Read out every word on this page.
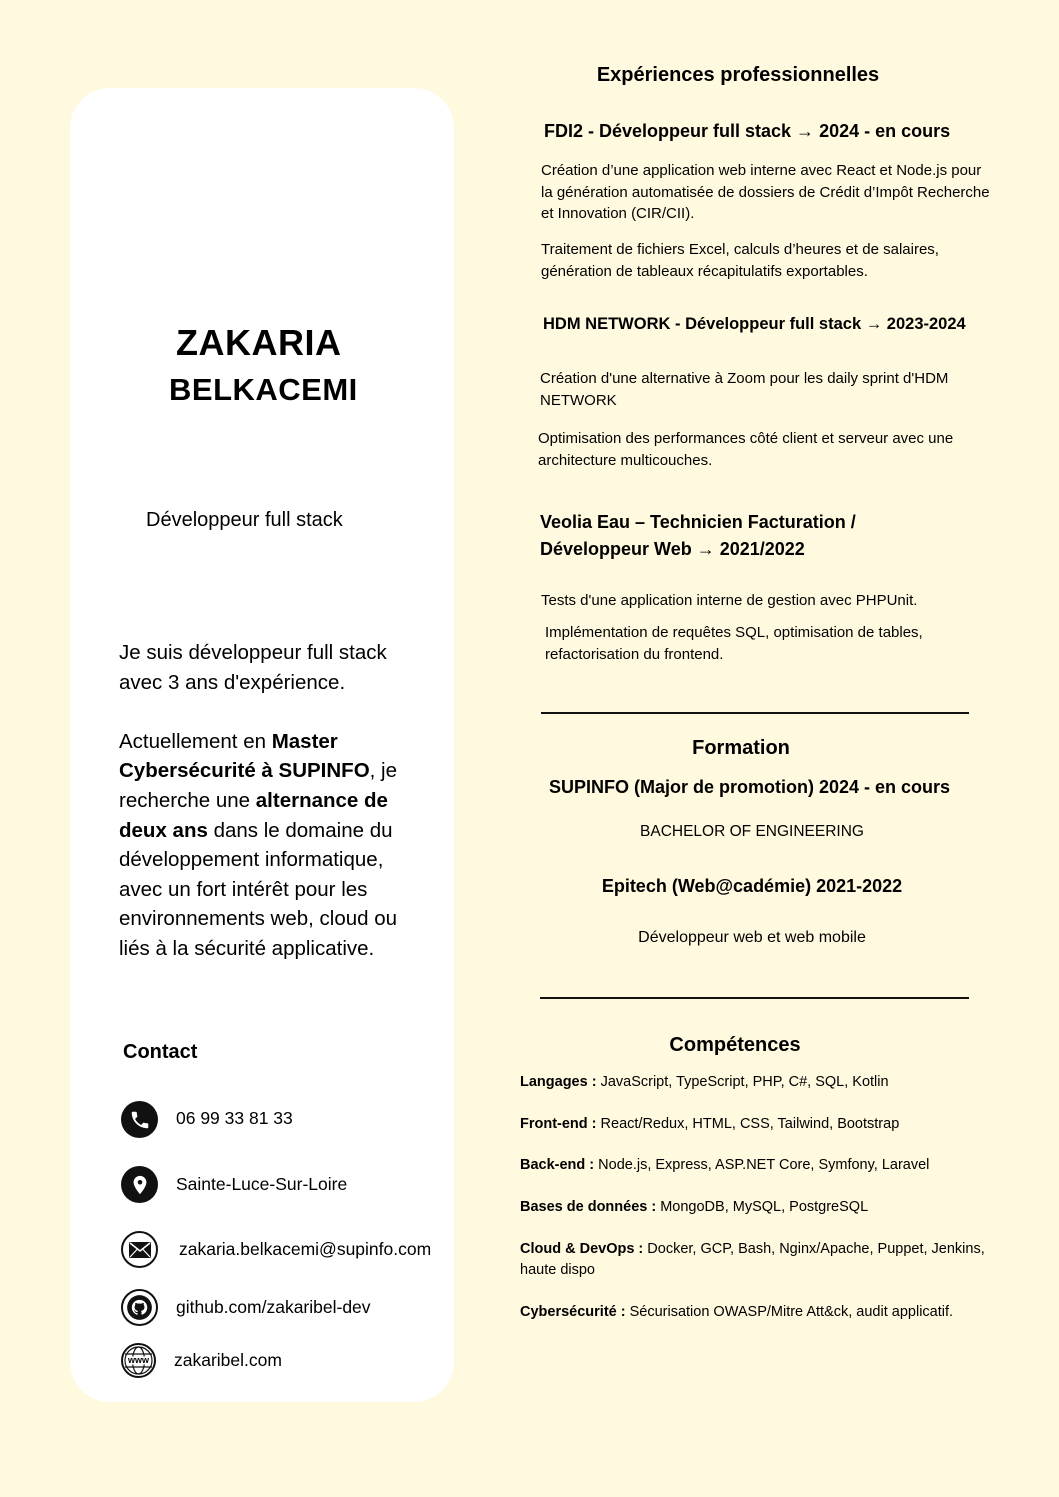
ZAKARIA
BELKACEMI
Développeur full stack

Je suis développeur full stack avec 3 ans d'expérience.

Actuellement en Master Cybersécurité à SUPINFO, je recherche une alternance de deux ans dans le domaine du développement informatique, avec un fort intérêt pour les environnements web, cloud ou liés à la sécurité applicative.

Contact
06 99 33 81 33
Sainte-Luce-Sur-Loire
zakaria.belkacemi@supinfo.com
github.com/zakaribel-dev
www zakaribel.com
Expériences professionnelles
FDI2 - Développeur full stack → 2024 - en cours
Création d’une application web interne avec React et Node.js pour la génération automatisée de dossiers de Crédit d’Impôt Recherche et Innovation (CIR/CII).
Traitement de fichiers Excel, calculs d’heures et de salaires, génération de tableaux récapitulatifs exportables.
HDM NETWORK - Développeur full stack → 2023-2024
Création d'une alternative à Zoom pour les daily sprint d'HDM NETWORK
Optimisation des performances côté client et serveur avec une architecture multicouches.
Veolia Eau – Technicien Facturation /
Développeur Web → 2021/2022
Tests d'une application interne de gestion avec PHPUnit.
Implémentation de requêtes SQL, optimisation de tables, refactorisation du frontend.
Formation
SUPINFO (Major de promotion) 2024 - en cours
BACHELOR OF ENGINEERING
Epitech (Web@cadémie) 2021-2022
Développeur web et web mobile
Compétences
Langages : JavaScript, TypeScript, PHP, C#, SQL, Kotlin
Front-end : React/Redux, HTML, CSS, Tailwind, Bootstrap
Back-end : Node.js, Express, ASP.NET Core, Symfony, Laravel
Bases de données : MongoDB, MySQL, PostgreSQL
Cloud & DevOps : Docker, GCP, Bash, Nginx/Apache, Puppet, Jenkins, haute dispo
Cybersécurité : Sécurisation OWASP/Mitre Att&ck, audit applicatif.
